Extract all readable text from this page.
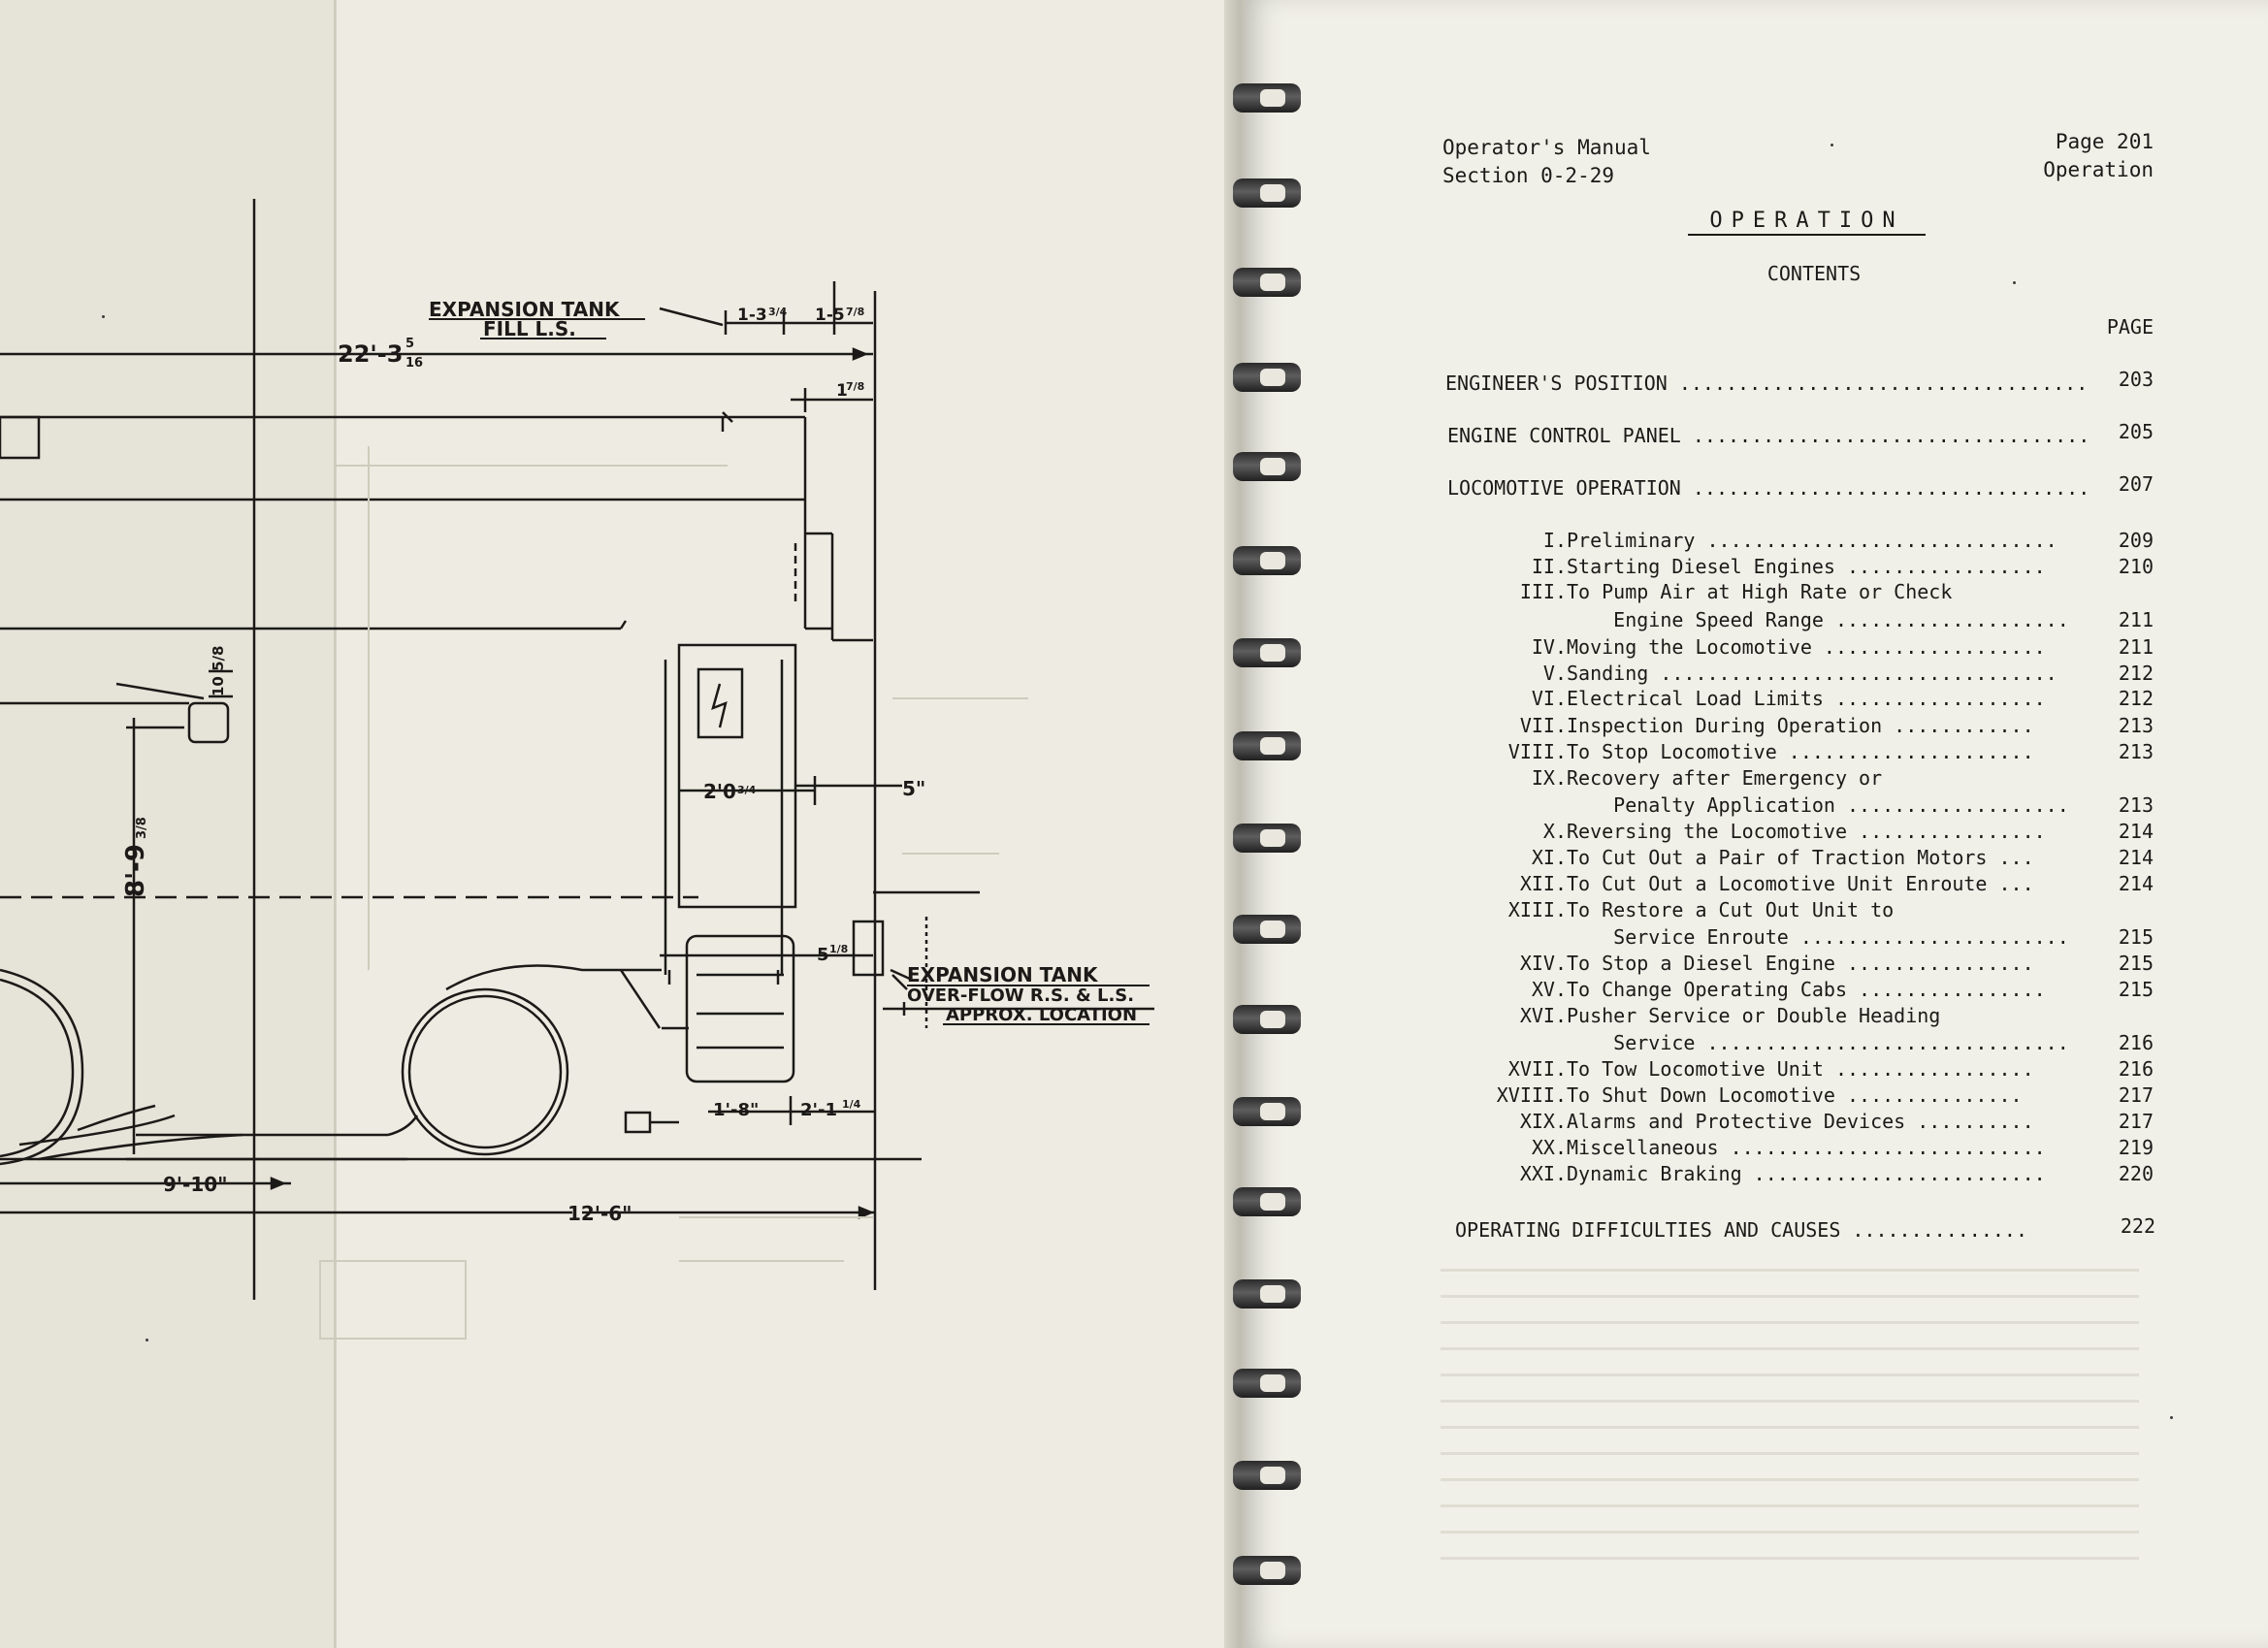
EXPANSION TANK
FILL L.S.
EXPANSION TANK
OVER-FLOW R.S. & L.S.
APPROX. LOCATION
22'-3 5
16
1-3 3/4 1-5 7/8
1
7/8
10 5/8
8'-9
3/8
2'0 3/4	5"
5 1/8
1'-8" 2'-1 1/4
9'-10"
12'-6"
Operator's Manual
Section 0-2-29
Page 201
Operation
OPERATION
CONTENTS
PAGE
ENGINEER'S POSITION ...................................	203
ENGINE CONTROL PANEL ..................................	205
LOCOMOTIVE OPERATION ..................................	207
I. Preliminary ..............................	209
II. Starting Diesel Engines .................	210
III. To Pump Air at High Rate or Check
Engine Speed Range ....................	211
IV. Moving the Locomotive ...................	211
V. Sanding ..................................	212
VI. Electrical Load Limits ..................	212
VII. Inspection During Operation ............	213
VIII. To Stop Locomotive .....................	213
IX. Recovery after Emergency or
Penalty Application ...................	213
X. Reversing the Locomotive ................	214
XI. To Cut Out a Pair of Traction Motors ...	214
XII. To Cut Out a Locomotive Unit Enroute ...	214
XIII. To Restore a Cut Out Unit to
Service Enroute .......................	215
XIV. To Stop a Diesel Engine ................	215
XV. To Change Operating Cabs ................	215
XVI. Pusher Service or Double Heading
Service ...............................	216
XVII. To Tow Locomotive Unit .................	216
XVIII. To Shut Down Locomotive ...............	217
XIX. Alarms and Protective Devices ..........	217
XX. Miscellaneous ...........................	219
XXI. Dynamic Braking .........................	220
OPERATING DIFFICULTIES AND CAUSES ...............	222
